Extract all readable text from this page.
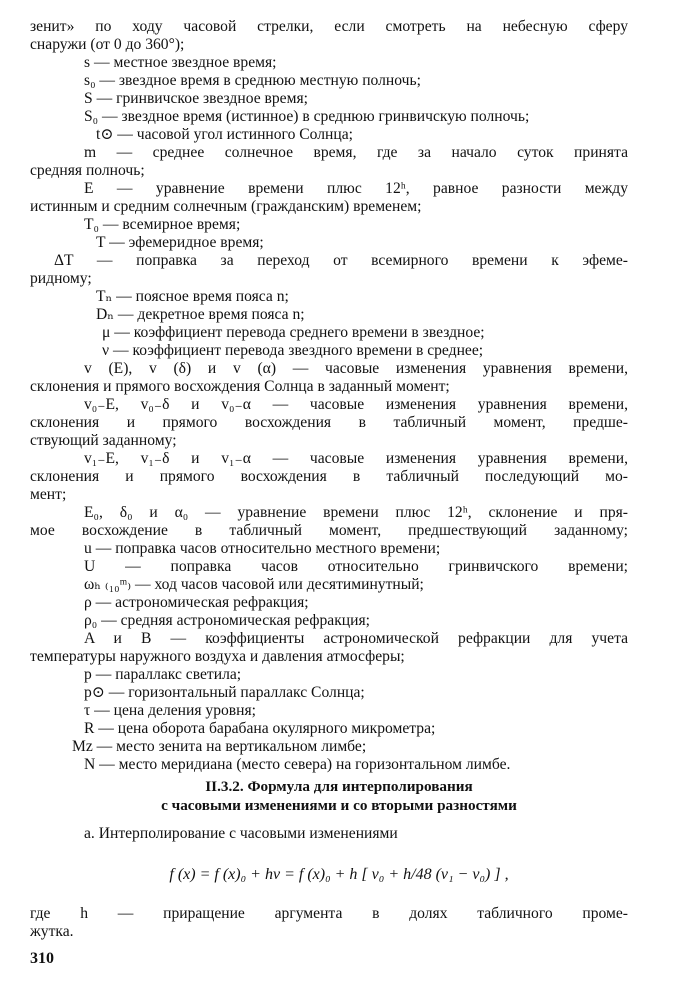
зенит» по ходу часовой стрелки, если смотреть на небесную сферу
снаружи (от 0 до 360°);
s — местное звездное время;
s₀ — звездное время в среднюю местную полночь;
S — гринвичское звездное время;
S₀ — звездное время (истинное) в среднюю гринвичскую полночь;
t⊙ — часовой угол истинного Солнца;
m — среднее солнечное время, где за начало суток принята
средняя полночь;
E — уравнение времени плюс 12ʰ, равное разности между
истинным и средним солнечным (гражданским) временем;
T₀ — всемирное время;
T — эфемеридное время;
ΔT — поправка за переход от всемирного времени к эфеме-
ридному;
Tₙ — поясное время пояса n;
Dₙ — декретное время пояса n;
μ — коэффициент перевода среднего времени в звездное;
ν — коэффициент перевода звездного времени в среднее;
v (E), v (δ) и v (α) — часовые изменения уравнения времени,
склонения и прямого восхождения Солнца в заданный момент;
v₀₋E, v₀₋δ и v₀₋α — часовые изменения уравнения времени,
склонения и прямого восхождения в табличный момент, предше-
ствующий заданному;
v₁₋E, v₁₋δ и v₁₋α — часовые изменения уравнения времени,
склонения и прямого восхождения в табличный последующий мо-
мент;
E₀, δ₀ и α₀ — уравнение времени плюс 12ʰ, склонение и пря-
мое восхождение в табличный момент, предшествующий заданному;
u — поправка часов относительно местного времени;
U — поправка часов относительно гринвичского времени;
ωₕ ₍₁₀ᵐ₎ — ход часов часовой или десятиминутный;
ρ — астрономическая рефракция;
ρ₀ — средняя астрономическая рефракция;
A и B — коэффициенты астрономической рефракции для учета
температуры наружного воздуха и давления атмосферы;
p — параллакс светила;
p⊙ — горизонтальный параллакс Солнца;
τ — цена деления уровня;
R — цена оборота барабана окулярного микрометра;
Mz — место зенита на вертикальном лимбе;
N — место меридиана (место севера) на горизонтальном лимбе.
II.3.2. Формула для интерполирования
с часовыми изменениями и со вторыми разностями
а. Интерполирование с часовыми изменениями
f (x) = f (x)₀ + hv = f (x)₀ + h [ v₀ + h/48 (v₁ − v₀) ] ,
где h — приращение аргумента в долях табличного проме-
жутка.
310
